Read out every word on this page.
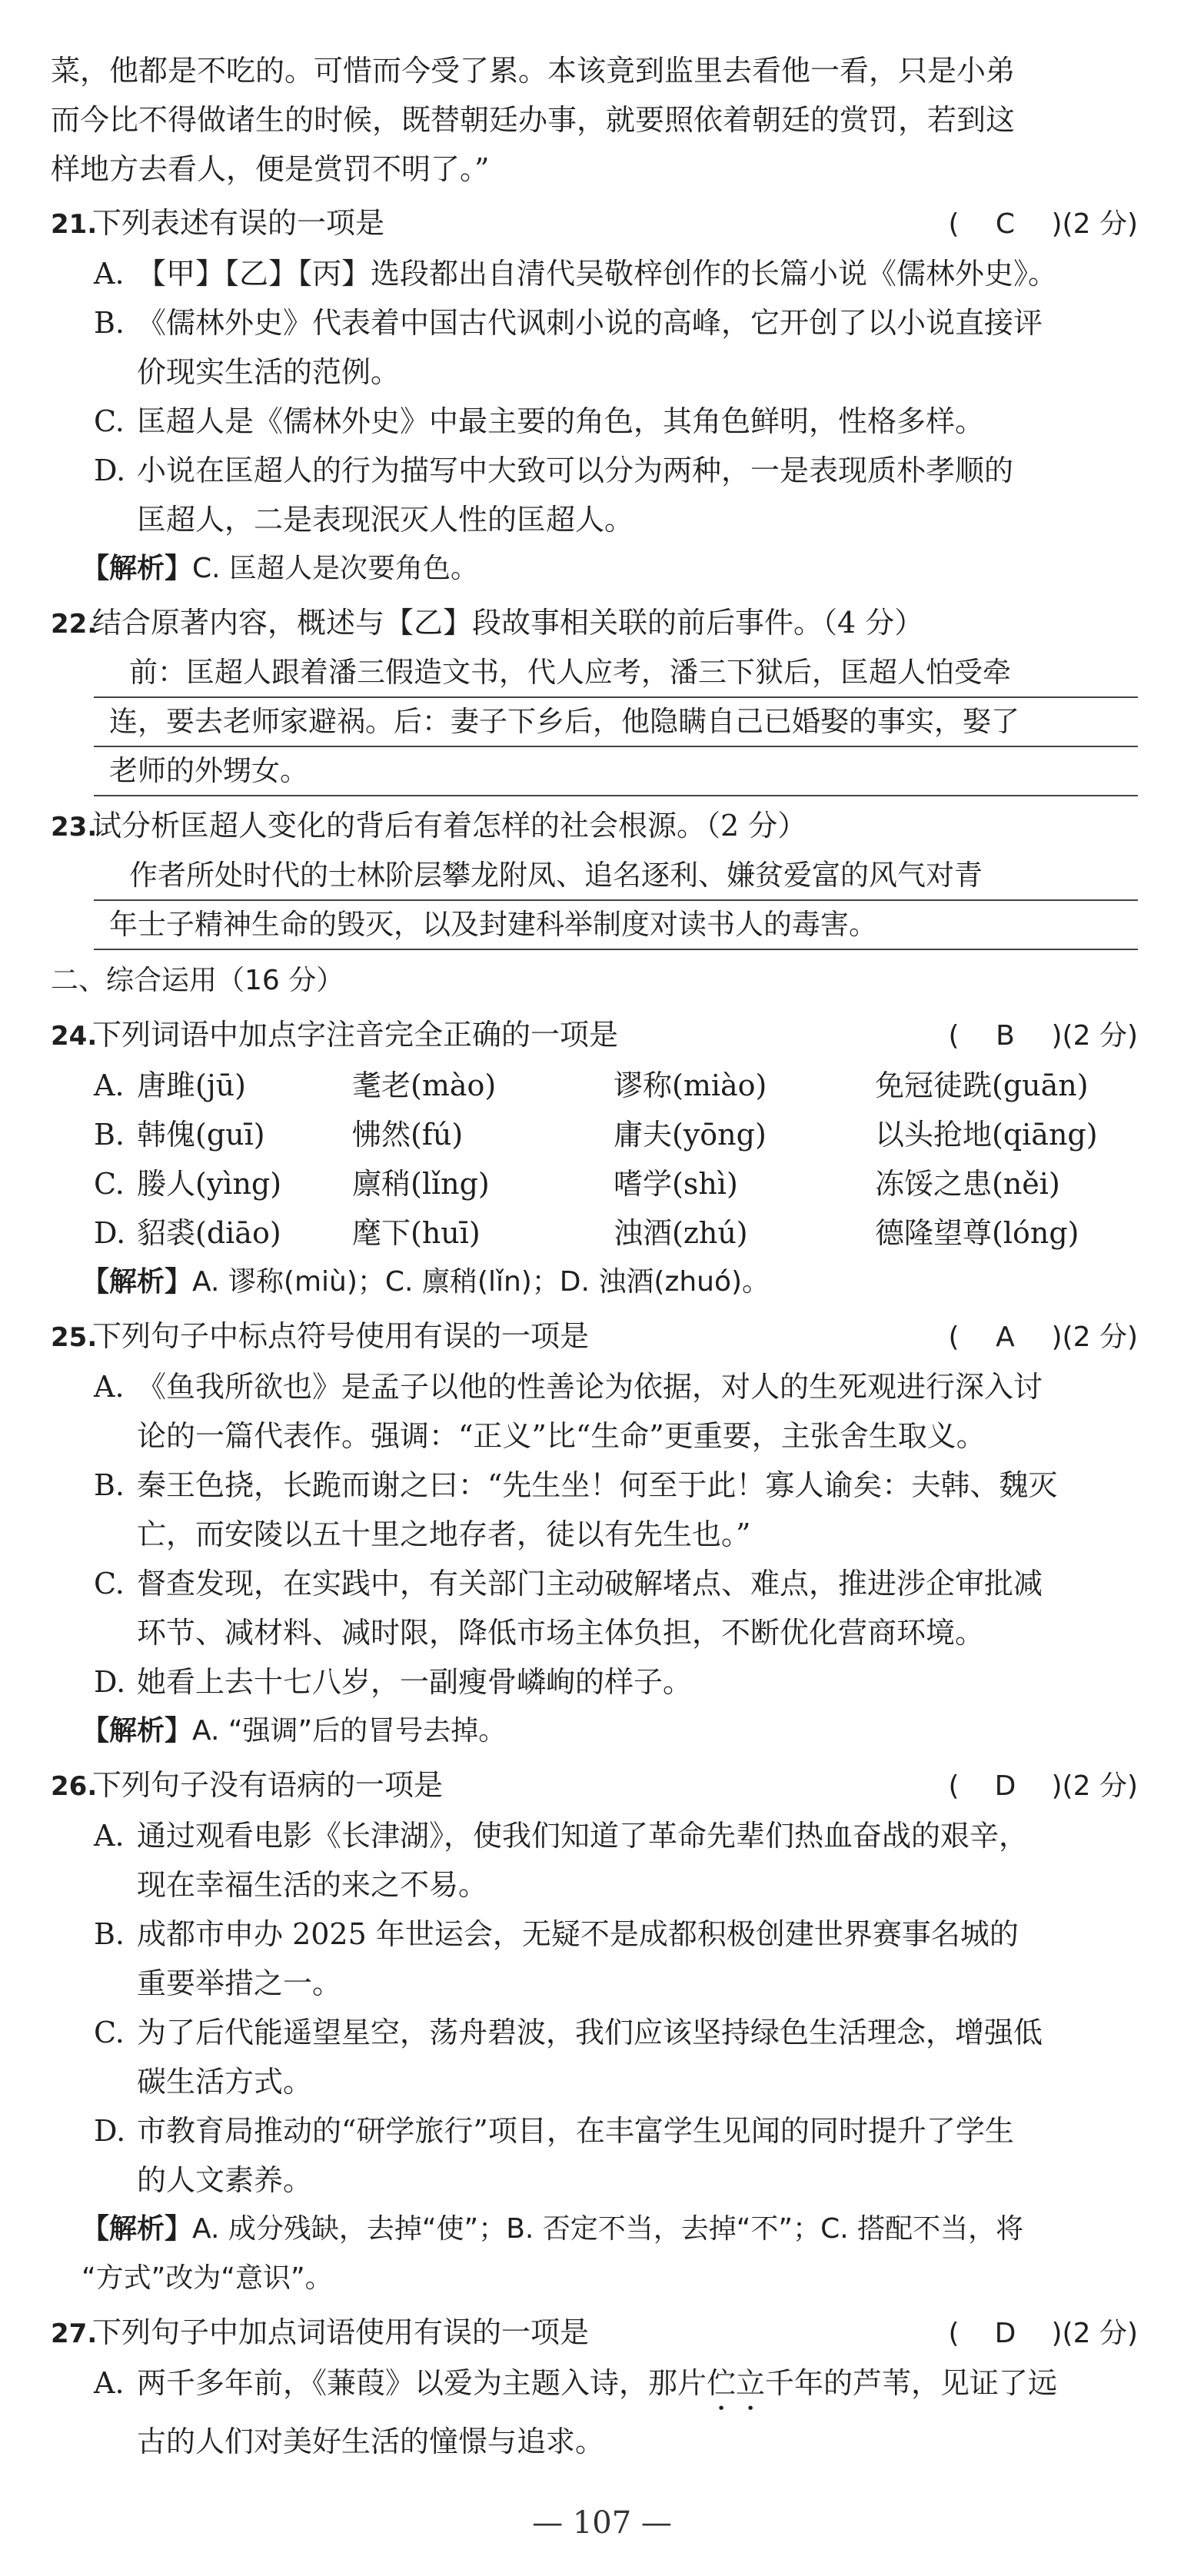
菜，他都是不吃的。可惜而今受了累。本该竟到监里去看他一看，只是小弟
而今比不得做诸生的时候，既替朝廷办事，就要照依着朝廷的赏罚，若到这
样地方去看人，便是赏罚不明了。”
21.
下列表述有误的一项是	( C )(2 分)
A. 【甲】【乙】【丙】选段都出自清代吴敬梓创作的长篇小说《儒林外史》。
B. 《儒林外史》代表着中国古代讽刺小说的高峰，它开创了以小说直接评
价现实生活的范例。
C. 匡超人是《儒林外史》中最主要的角色，其角色鲜明，性格多样。
D. 小说在匡超人的行为描写中大致可以分为两种，一是表现质朴孝顺的
匡超人，二是表现泯灭人性的匡超人。
【解析】C. 匡超人是次要角色。
22.
结合原著内容，概述与【乙】段故事相关联的前后事件。（4 分）
前：匡超人跟着潘三假造文书，代人应考，潘三下狱后，匡超人怕受牵
连，要去老师家避祸。后：妻子下乡后，他隐瞒自己已婚娶的事实，娶了
老师的外甥女。
23.
试分析匡超人变化的背后有着怎样的社会根源。（2 分）
作者所处时代的士林阶层攀龙附凤、追名逐利、嫌贫爱富的风气对青
年士子精神生命的毁灭，以及封建科举制度对读书人的毒害。
二、综合运用（16 分）
24.
下列词语中加点字注音完全正确的一项是	( B )(2 分)
A. 唐雎(jū)	耄老(mào)	谬称(miào)	免冠徒跣(guān)
B. 韩傀(guī)	怫然(fú)	庸夫(yōng)	以头抢地(qiāng)
C. 媵人(yìng)	廪稍(lǐng)	嗜学(shì)	冻馁之患(něi)
D. 貂裘(diāo)	麾下(huī)	浊酒(zhú)	德隆望尊(lóng)
【解析】A. 谬称(miù)；C. 廪稍(lǐn)；D. 浊酒(zhuó)。
25.
下列句子中标点符号使用有误的一项是	( A )(2 分)
A. 《鱼我所欲也》是孟子以他的性善论为依据，对人的生死观进行深入讨
论的一篇代表作。强调：“正义”比“生命”更重要，主张舍生取义。
B. 秦王色挠，长跪而谢之曰：“先生坐！何至于此！寡人谕矣：夫韩、魏灭
亡，而安陵以五十里之地存者，徒以有先生也。”
C. 督查发现，在实践中，有关部门主动破解堵点、难点，推进涉企审批减
环节、减材料、减时限，降低市场主体负担，不断优化营商环境。
D. 她看上去十七八岁，一副瘦骨嶙峋的样子。
【解析】A. “强调”后的冒号去掉。
26.
下列句子没有语病的一项是	( D )(2 分)
A. 通过观看电影《长津湖》，使我们知道了革命先辈们热血奋战的艰辛，
现在幸福生活的来之不易。
B. 成都市申办 2025 年世运会，无疑不是成都积极创建世界赛事名城的
重要举措之一。
C. 为了后代能遥望星空，荡舟碧波，我们应该坚持绿色生活理念，增强低
碳生活方式。
D. 市教育局推动的“研学旅行”项目，在丰富学生见闻的同时提升了学生
的人文素养。
【解析】A. 成分残缺，去掉“使”；B. 否定不当，去掉“不”；C. 搭配不当，将
“方式”改为“意识”。
27.
下列句子中加点词语使用有误的一项是	( D )(2 分)
A. 两千多年前，《蒹葭》以爱为主题入诗，那片伫立千年的芦苇，见证了远
古的人们对美好生活的憧憬与追求。
— 107 —
